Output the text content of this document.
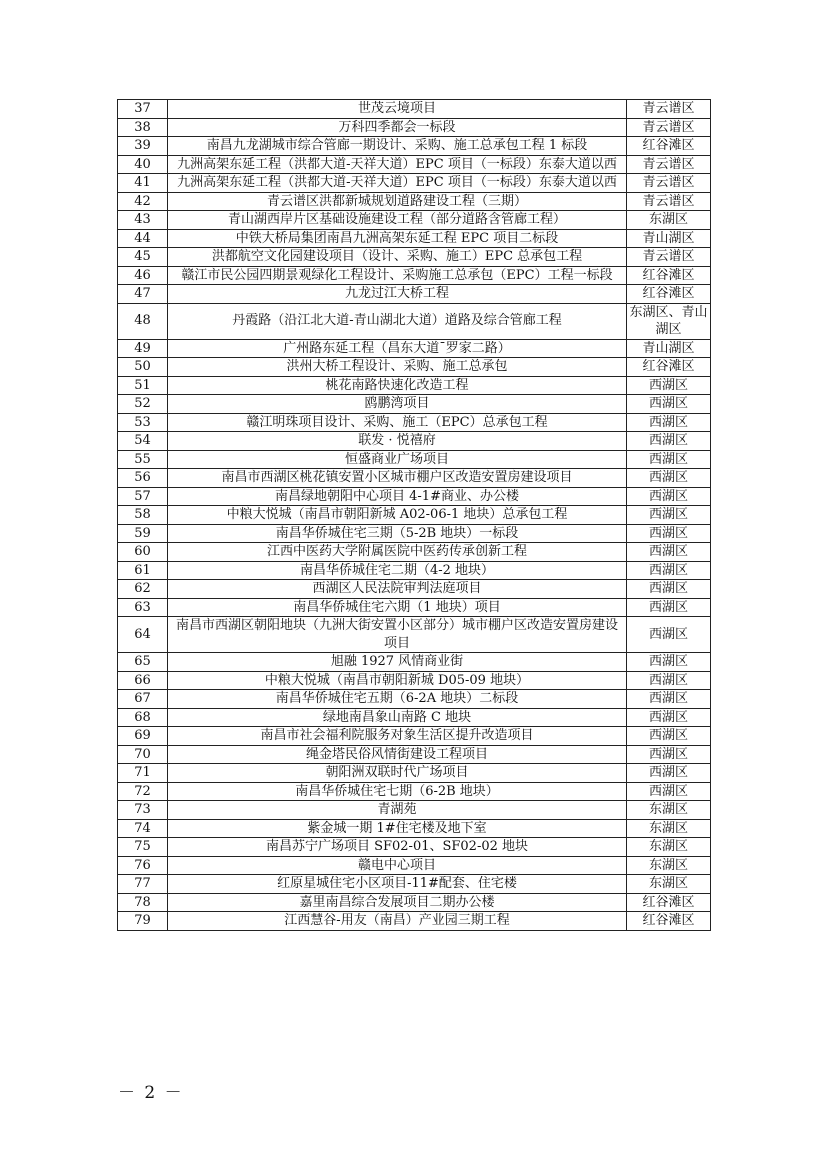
37	世茂云境项目	青云谱区
38	万科四季都会一标段	青云谱区
39	南昌九龙湖城市综合管廊一期设计、采购、施工总承包工程 1 标段	红谷滩区
40	九洲高架东延工程（洪都大道-天祥大道）EPC 项目（一标段）东泰大道以西	青云谱区
41	九洲高架东延工程（洪都大道-天祥大道）EPC 项目（一标段）东泰大道以西	青云谱区
42	青云谱区洪都新城规划道路建设工程（三期）	青云谱区
43	青山湖西岸片区基础设施建设工程（部分道路含管廊工程）	东湖区
44	中铁大桥局集团南昌九洲高架东延工程 EPC 项目二标段	青山湖区
45	洪都航空文化园建设项目（设计、采购、施工）EPC 总承包工程	青云谱区
46	赣江市民公园四期景观绿化工程设计、采购施工总承包（EPC）工程一标段	红谷滩区
47	九龙过江大桥工程	红谷滩区
48	丹霞路（沿江北大道-青山湖北大道）道路及综合管廊工程	东湖区、青山湖区
49	广州路东延工程（昌东大道¯罗家二路）	青山湖区
50	洪州大桥工程设计、采购、施工总承包	红谷滩区
51	桃花南路快速化改造工程	西湖区
52	鸥鹏湾项目	西湖区
53	赣江明珠项目设计、采购、施工（EPC）总承包工程	西湖区
54	联发 · 悦禧府	西湖区
55	恒盛商业广场项目	西湖区
56	南昌市西湖区桃花镇安置小区城市棚户区改造安置房建设项目	西湖区
57	南昌绿地朝阳中心项目 4-1#商业、办公楼	西湖区
58	中粮大悦城（南昌市朝阳新城 A02-06-1 地块）总承包工程	西湖区
59	南昌华侨城住宅三期（5-2B 地块）一标段	西湖区
60	江西中医药大学附属医院中医药传承创新工程	西湖区
61	南昌华侨城住宅二期（4-2 地块）	西湖区
62	西湖区人民法院审判法庭项目	西湖区
63	南昌华侨城住宅六期（1 地块）项目	西湖区
64	南昌市西湖区朝阳地块（九洲大街安置小区部分）城市棚户区改造安置房建设项目	西湖区
65	旭融 1927 风情商业街	西湖区
66	中粮大悦城（南昌市朝阳新城 D05-09 地块）	西湖区
67	南昌华侨城住宅五期（6-2A 地块）二标段	西湖区
68	绿地南昌象山南路 C 地块	西湖区
69	南昌市社会福利院服务对象生活区提升改造项目	西湖区
70	绳金塔民俗风情街建设工程项目	西湖区
71	朝阳洲双联时代广场项目	西湖区
72	南昌华侨城住宅七期（6-2B 地块）	西湖区
73	青湖苑	东湖区
74	紫金城一期 1#住宅楼及地下室	东湖区
75	南昌苏宁广场项目 SF02-01、SF02-02 地块	东湖区
76	赣电中心项目	东湖区
77	红原星城住宅小区项目-11#配套、住宅楼	东湖区
78	嘉里南昌综合发展项目二期办公楼	红谷滩区
79	江西慧谷-用友（南昌）产业园三期工程	红谷滩区
－ 2 －
